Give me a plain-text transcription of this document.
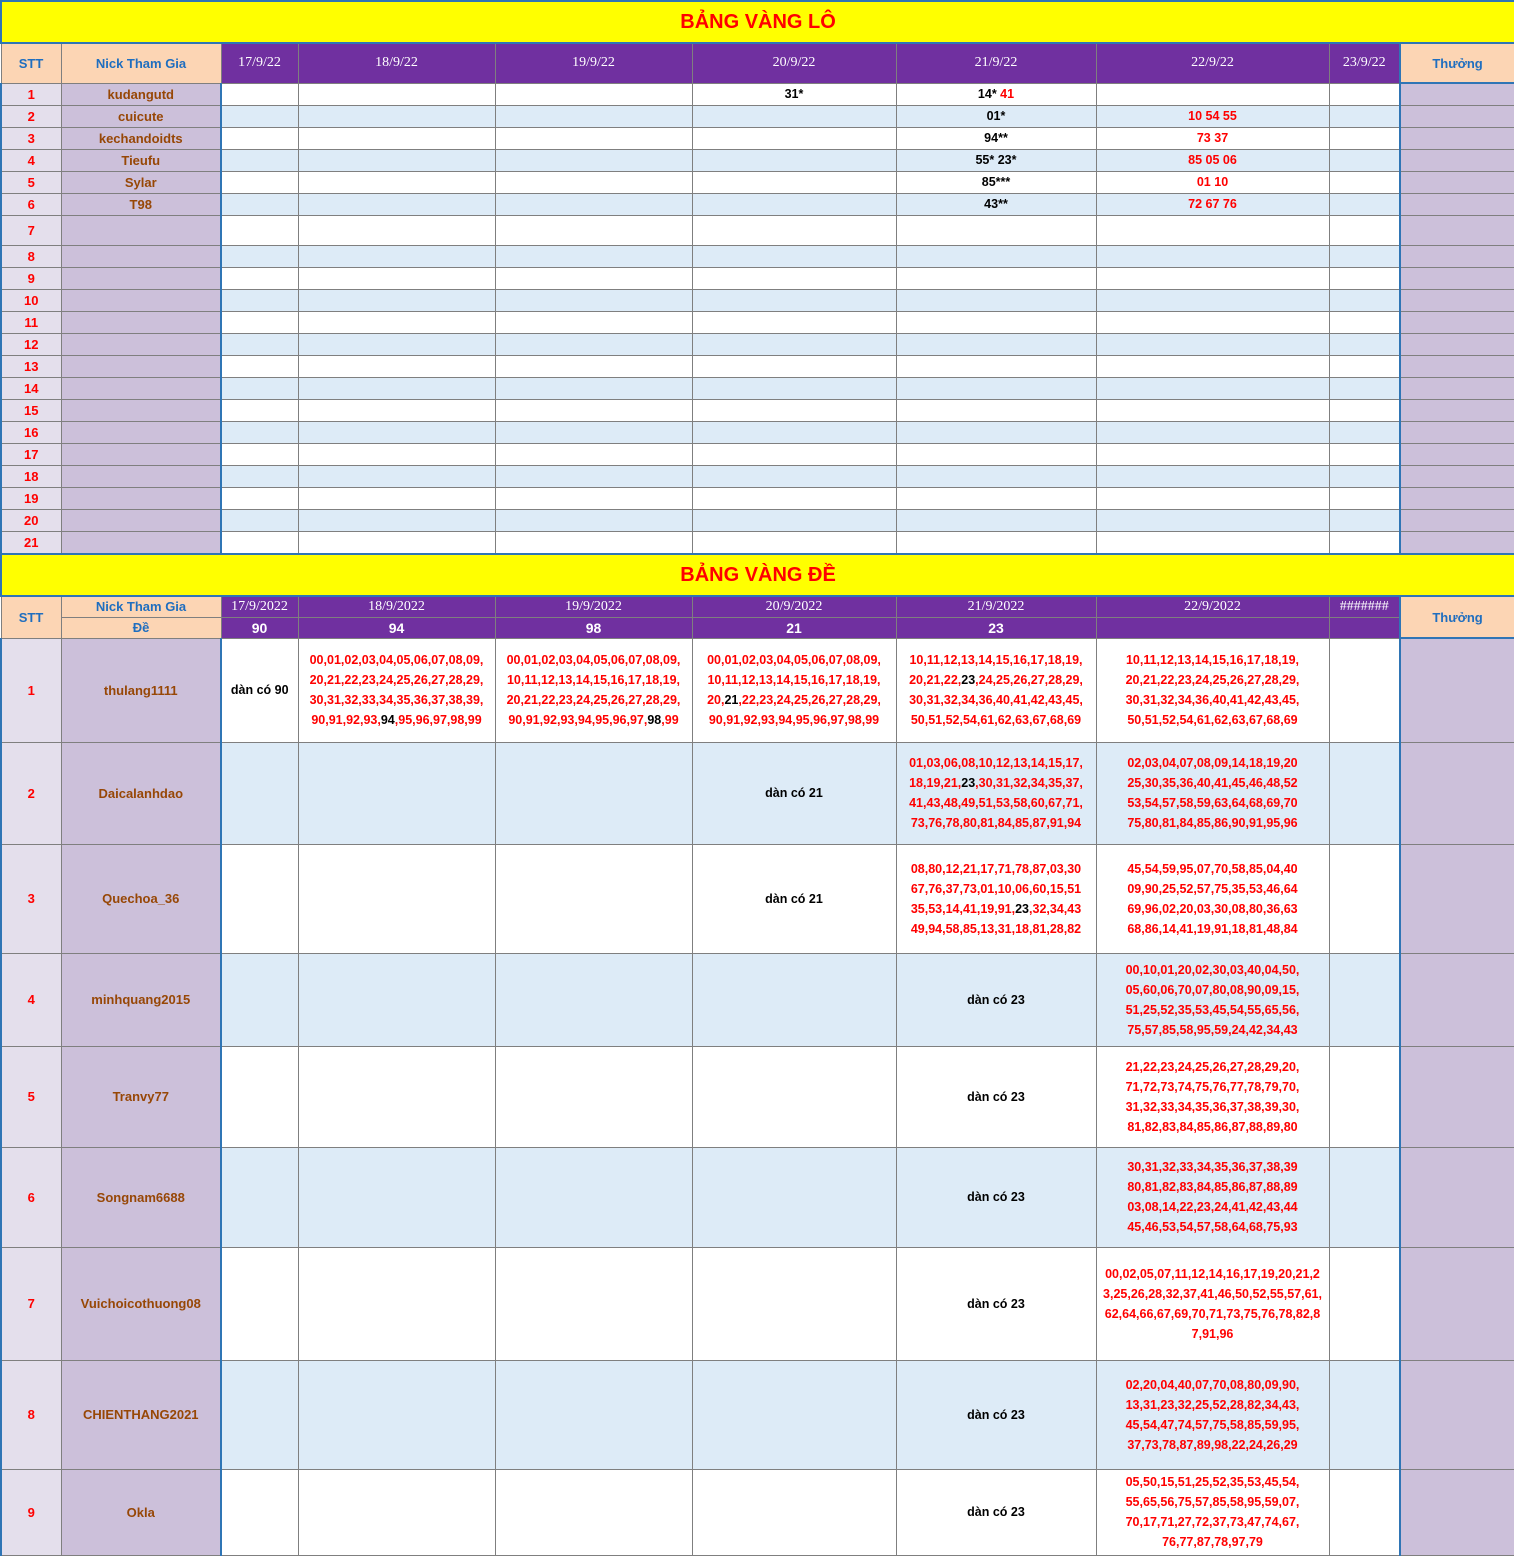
BẢNG VÀNG LÔ									
STT	Nick Tham Gia	17/9/22	18/9/22	19/9/22	20/9/22	21/9/22	22/9/22	23/9/22	Thưởng
1	kudangutd				31*	14* 41			
2	cuicute					01*	10 54 55		
3	kechandoidts					94**	73 37		
4	Tieufu					55* 23*	85 05 06		
5	Sylar					85***	01 10		
6	T98					43**	72 67 76		
7									
8									
9									
10									
11									
12									
13									
14									
15									
16									
17									
18									
19									
20									
21									
BẢNG VÀNG ĐỀ									
STT	Nick Tham Gia	17/9/2022	18/9/2022	19/9/2022	20/9/2022	21/9/2022	22/9/2022	#######	Thưởng
	Đề	90	94	98	21	23			
1	thulang1111	dàn có 90	00,01,02,03,04,05,06,07,08,09,
20,21,22,23,24,25,26,27,28,29,
30,31,32,33,34,35,36,37,38,39,
90,91,92,93,94,95,96,97,98,99	00,01,02,03,04,05,06,07,08,09,
10,11,12,13,14,15,16,17,18,19,
20,21,22,23,24,25,26,27,28,29,
90,91,92,93,94,95,96,97,98,99	00,01,02,03,04,05,06,07,08,09,
10,11,12,13,14,15,16,17,18,19,
20,21,22,23,24,25,26,27,28,29,
90,91,92,93,94,95,96,97,98,99	10,11,12,13,14,15,16,17,18,19,
20,21,22,23,24,25,26,27,28,29,
30,31,32,34,36,40,41,42,43,45,
50,51,52,54,61,62,63,67,68,69	10,11,12,13,14,15,16,17,18,19,
20,21,22,23,24,25,26,27,28,29,
30,31,32,34,36,40,41,42,43,45,
50,51,52,54,61,62,63,67,68,69		
2	Daicalanhdao				dàn có 21	01,03,06,08,10,12,13,14,15,17,
18,19,21,23,30,31,32,34,35,37,
41,43,48,49,51,53,58,60,67,71,
73,76,78,80,81,84,85,87,91,94	02,03,04,07,08,09,14,18,19,20
25,30,35,36,40,41,45,46,48,52
53,54,57,58,59,63,64,68,69,70
75,80,81,84,85,86,90,91,95,96		
3	Quechoa_36				dàn có 21	08,80,12,21,17,71,78,87,03,30
67,76,37,73,01,10,06,60,15,51
35,53,14,41,19,91,23,32,34,43
49,94,58,85,13,31,18,81,28,82	45,54,59,95,07,70,58,85,04,40
09,90,25,52,57,75,35,53,46,64
69,96,02,20,03,30,08,80,36,63
68,86,14,41,19,91,18,81,48,84		
4	minhquang2015					dàn có 23	00,10,01,20,02,30,03,40,04,50,
05,60,06,70,07,80,08,90,09,15,
51,25,52,35,53,45,54,55,65,56,
75,57,85,58,95,59,24,42,34,43		
5	Tranvy77					dàn có 23	21,22,23,24,25,26,27,28,29,20,
71,72,73,74,75,76,77,78,79,70,
31,32,33,34,35,36,37,38,39,30,
81,82,83,84,85,86,87,88,89,80		
6	Songnam6688					dàn có 23	30,31,32,33,34,35,36,37,38,39
80,81,82,83,84,85,86,87,88,89
03,08,14,22,23,24,41,42,43,44
45,46,53,54,57,58,64,68,75,93		
7	Vuichoicothuong08					dàn có 23	00,02,05,07,11,12,14,16,17,19,20,21,2
3,25,26,28,32,37,41,46,50,52,55,57,61,
62,64,66,67,69,70,71,73,75,76,78,82,8
7,91,96		
8	CHIENTHANG2021					dàn có 23	02,20,04,40,07,70,08,80,09,90,
13,31,23,32,25,52,28,82,34,43,
45,54,47,74,57,75,58,85,59,95,
37,73,78,87,89,98,22,24,26,29		
9	Okla					dàn có 23	05,50,15,51,25,52,35,53,45,54,
55,65,56,75,57,85,58,95,59,07,
70,17,71,27,72,37,73,47,74,67,
76,77,87,78,97,79		
